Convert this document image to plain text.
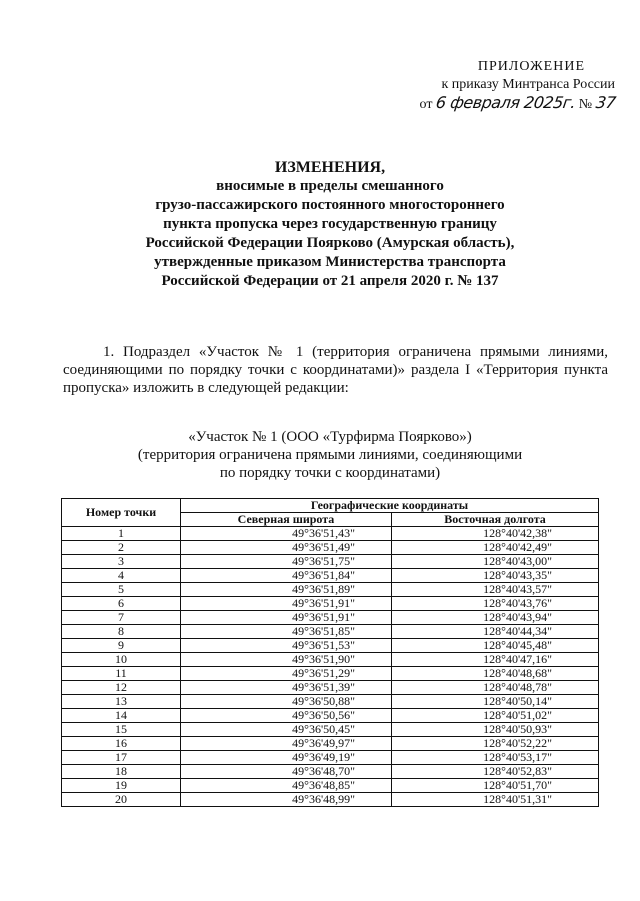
ПРИЛОЖЕНИЕ
к приказу Минтранса России
от 6 февраля 2025г. № 37
ИЗМЕНЕНИЯ,
вносимые в пределы смешанного
грузо-пассажирского постоянного многостороннего
пункта пропуска через государственную границу
Российской Федерации Поярково (Амурская область),
утвержденные приказом Министерства транспорта
Российской Федерации от 21 апреля 2020 г. № 137
1. Подраздел «Участок № 1 (территория ограничена прямыми линиями, соединяющими по порядку точки с координатами)» раздела I «Территория пункта пропуска» изложить в следующей редакции:
«Участок № 1 (ООО «Турфирма Поярково»)
(территория ограничена прямыми линиями, соединяющими
по порядку точки с координатами)
Номер точки	Географические координаты	
	Северная широта	Восточная долгота
1	49°36'51,43"	128°40'42,38"
2	49°36'51,49"	128°40'42,49"
3	49°36'51,75"	128°40'43,00"
4	49°36'51,84"	128°40'43,35"
5	49°36'51,89"	128°40'43,57"
6	49°36'51,91"	128°40'43,76"
7	49°36'51,91"	128°40'43,94"
8	49°36'51,85"	128°40'44,34"
9	49°36'51,53"	128°40'45,48"
10	49°36'51,90"	128°40'47,16"
11	49°36'51,29"	128°40'48,68"
12	49°36'51,39"	128°40'48,78"
13	49°36'50,88"	128°40'50,14"
14	49°36'50,56"	128°40'51,02"
15	49°36'50,45"	128°40'50,93"
16	49°36'49,97"	128°40'52,22"
17	49°36'49,19"	128°40'53,17"
18	49°36'48,70"	128°40'52,83"
19	49°36'48,85"	128°40'51,70"
20	49°36'48,99"	128°40'51,31"
